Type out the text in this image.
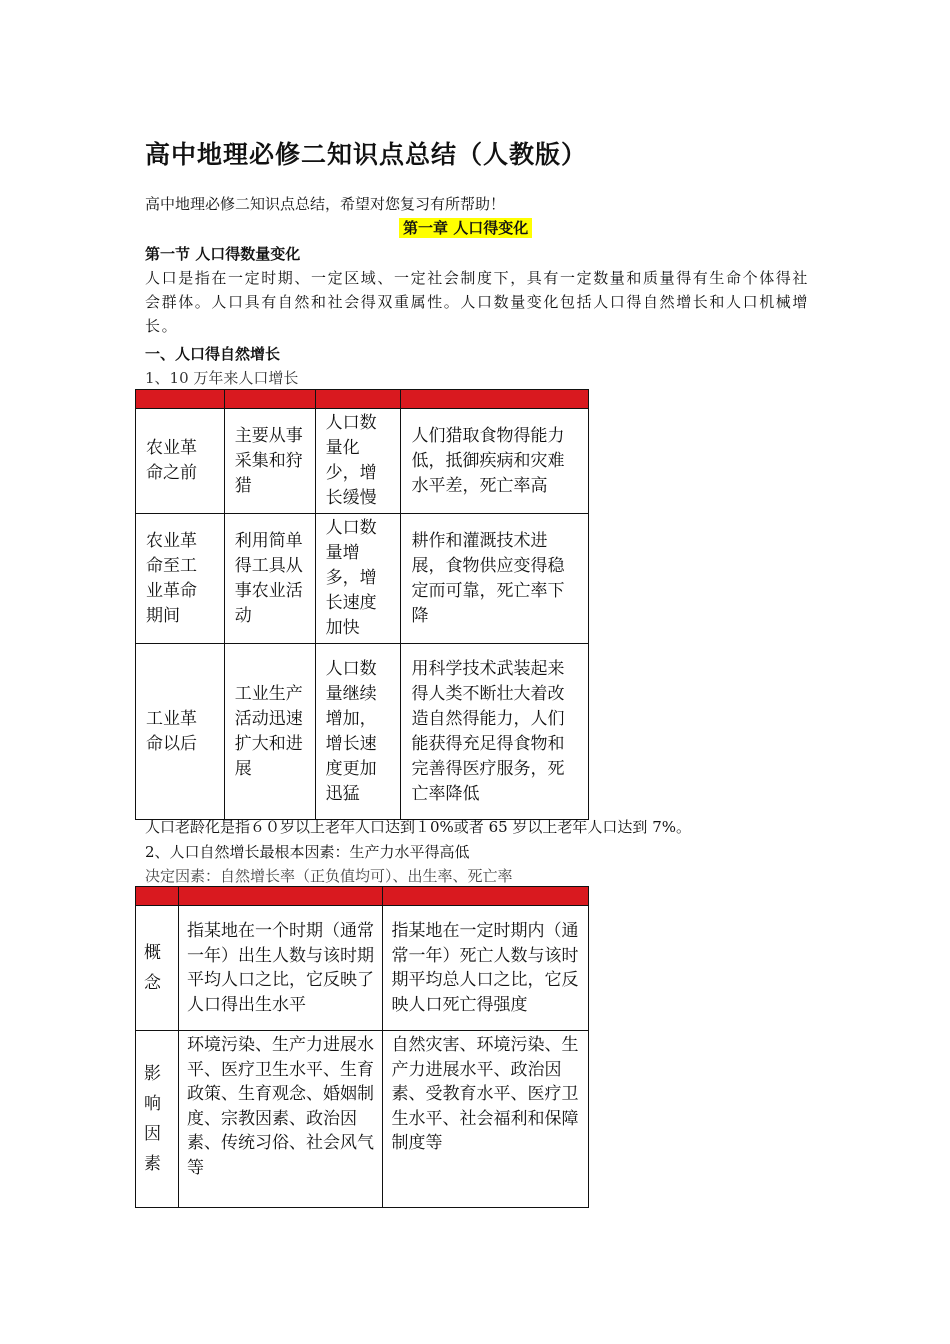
高中地理必修二知识点总结（人教版）
高中地理必修二知识点总结，希望对您复习有所帮助！
第一章 人口得变化
第一节 人口得数量变化
人口是指在一定时期、一定区域、一定社会制度下，具有一定数量和质量得有生命个体得社会群体。人口具有自然和社会得双重属性。人口数量变化包括人口得自然增长和人口机械增长。
一、人口得自然增长
1、10 万年来人口增长

农业革命之前	主要从事采集和狩猎	人口数量化少，增长缓慢	人们猎取食物得能力低，抵御疾病和灾难水平差，死亡率高
农业革命至工业革命期间	利用简单得工具从事农业活动	人口数量增多，增长速度加快	耕作和灌溉技术进展，食物供应变得稳定而可靠，死亡率下降
工业革命以后	工业生产活动迅速扩大和进展	人口数量继续增加，增长速度更加迅猛	用科学技术武装起来得人类不断壮大着改造自然得能力，人们能获得充足得食物和完善得医疗服务，死亡率降低
人口老龄化是指６０岁以上老年人口达到１0%或者 65 岁以上老年人口达到 7%。
2、人口自然增长最根本因素：生产力水平得高低
决定因素：自然增长率（正负值均可）、出生率、死亡率

概念	指某地在一个时期（通常一年）出生人数与该时期平均人口之比，它反映了人口得出生水平	指某地在一定时期内（通常一年）死亡人数与该时期平均总人口之比，它反映人口死亡得强度

影响因素	环境污染、生产力进展水平、医疗卫生水平、生育政策、生育观念、婚姻制度、宗教因素、政治因素、传统习俗、社会风气等	自然灾害、环境污染、生产力进展水平、政治因素、受教育水平、医疗卫生水平、社会福利和保障制度等
